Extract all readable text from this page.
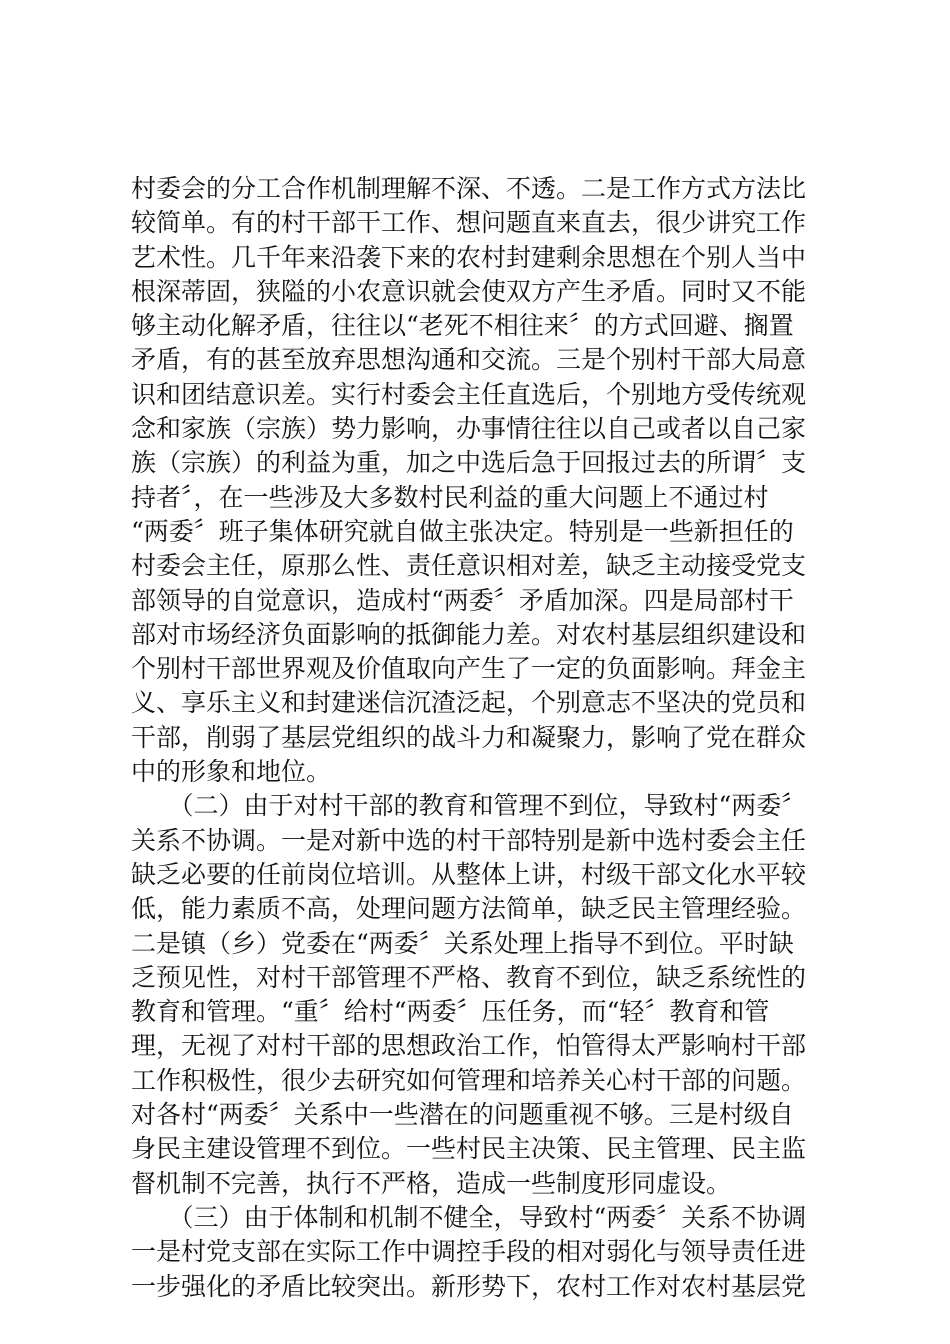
村委会的分工合作机制理解不深、不透。二是工作方式方法比
较简单。有的村干部干工作、想问题直来直去，很少讲究工作
艺术性。几千年来沿袭下来的农村封建剩余思想在个别人当中
根深蒂固，狭隘的小农意识就会使双方产生矛盾。同时又不能
够主动化解矛盾，往往以“老死不相往来〞的方式回避、搁置
矛盾，有的甚至放弃思想沟通和交流。三是个别村干部大局意
识和团结意识差。实行村委会主任直选后，个别地方受传统观
念和家族（宗族）势力影响，办事情往往以自己或者以自己家
族（宗族）的利益为重，加之中选后急于回报过去的所谓〞支
持者〞，在一些涉及大多数村民利益的重大问题上不通过村
“两委〞班子集体研究就自做主张决定。特别是一些新担任的
村委会主任，原那么性、责任意识相对差，缺乏主动接受党支
部领导的自觉意识，造成村“两委〞矛盾加深。四是局部村干
部对市场经济负面影响的抵御能力差。对农村基层组织建设和
个别村干部世界观及价值取向产生了一定的负面影响。拜金主
义、享乐主义和封建迷信沉渣泛起，个别意志不坚决的党员和
干部，削弱了基层党组织的战斗力和凝聚力，影响了党在群众
中的形象和地位。
　　（二）由于对村干部的教育和管理不到位，导致村“两委〞
关系不协调。一是对新中选的村干部特别是新中选村委会主任
缺乏必要的任前岗位培训。从整体上讲，村级干部文化水平较
低，能力素质不高，处理问题方法简单，缺乏民主管理经验。
二是镇（乡）党委在“两委〞关系处理上指导不到位。平时缺
乏预见性，对村干部管理不严格、教育不到位，缺乏系统性的
教育和管理。“重〞给村“两委〞压任务，而“轻〞教育和管
理，无视了对村干部的思想政治工作，怕管得太严影响村干部
工作积极性，很少去研究如何管理和培养关心村干部的问题。
对各村“两委〞关系中一些潜在的问题重视不够。三是村级自
身民主建设管理不到位。一些村民主决策、民主管理、民主监
督机制不完善，执行不严格，造成一些制度形同虚设。
　　（三）由于体制和机制不健全，导致村“两委〞关系不协调
一是村党支部在实际工作中调控手段的相对弱化与领导责任进
一步强化的矛盾比较突出。新形势下，农村工作对农村基层党
